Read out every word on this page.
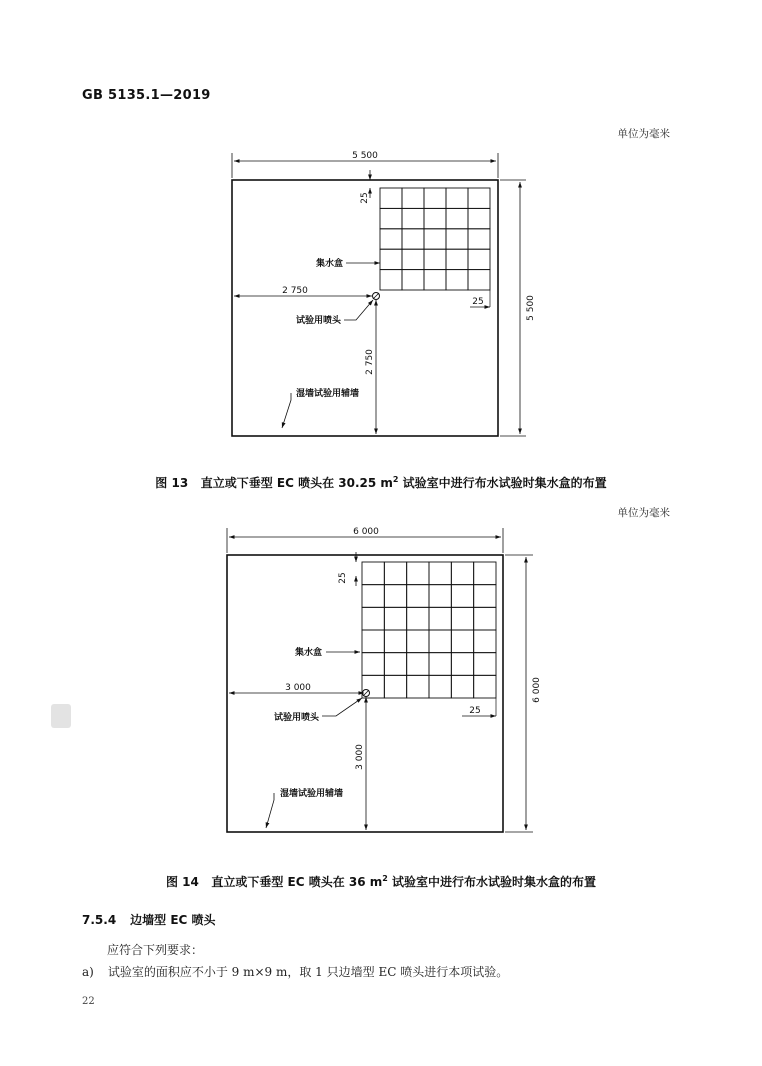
GB 5135.1—2019
单位为毫米
5 500
5 500
2 750
2 750
25
25
集水盒
试验用喷头
湿墙试验用辅墙
图 13 直立或下垂型 EC 喷头在 30.25 $m^2$ 试验室中进行布水试验时集水盒的布置
单位为毫米
6 000
6 000
3 000
3 000
25
25
集水盒
试验用喷头
湿墙试验用辅墙
图 14 直立或下垂型 EC 喷头在 36 $m^2$ 试验室中进行布水试验时集水盒的布置
7.5.4 边墙型 EC 喷头
应符合下列要求：
a) 试验室的面积应不小于 9 m×9 m，取 1 只边墙型 EC 喷头进行本项试验。
22
